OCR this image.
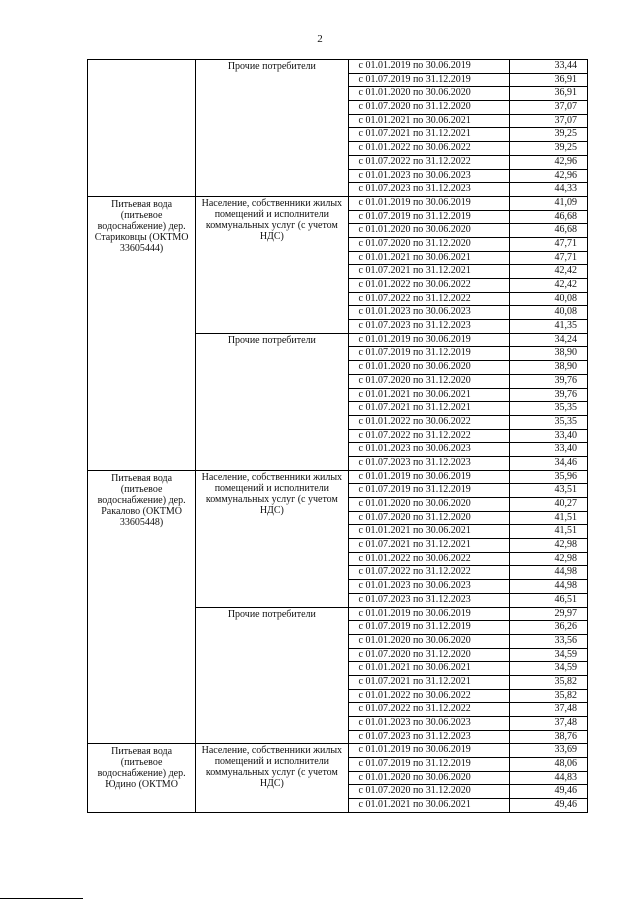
2
	Прочие потребители	с 01.01.2019 по 30.06.2019	33,44
		с 01.07.2019 по 31.12.2019	36,91
		с 01.01.2020 по 30.06.2020	36,91
		с 01.07.2020 по 31.12.2020	37,07
		с 01.01.2021 по 30.06.2021	37,07
		с 01.07.2021 по 31.12.2021	39,25
		с 01.01.2022 по 30.06.2022	39,25
		с 01.07.2022 по 31.12.2022	42,96
		с 01.01.2023 по 30.06.2023	42,96
		с 01.07.2023 по 31.12.2023	44,33
Питьевая вода (питьевое водоснабжение) дер. Стариковцы (ОКТМО 33605444)	Население, собственники жилых помещений и исполнители коммунальных услуг (с учетом НДС)	с 01.01.2019 по 30.06.2019	41,09
		с 01.07.2019 по 31.12.2019	46,68
		с 01.01.2020 по 30.06.2020	46,68
		с 01.07.2020 по 31.12.2020	47,71
		с 01.01.2021 по 30.06.2021	47,71
		с 01.07.2021 по 31.12.2021	42,42
		с 01.01.2022 по 30.06.2022	42,42
		с 01.07.2022 по 31.12.2022	40,08
		с 01.01.2023 по 30.06.2023	40,08
		с 01.07.2023 по 31.12.2023	41,35
	Прочие потребители	с 01.01.2019 по 30.06.2019	34,24
		с 01.07.2019 по 31.12.2019	38,90
		с 01.01.2020 по 30.06.2020	38,90
		с 01.07.2020 по 31.12.2020	39,76
		с 01.01.2021 по 30.06.2021	39,76
		с 01.07.2021 по 31.12.2021	35,35
		с 01.01.2022 по 30.06.2022	35,35
		с 01.07.2022 по 31.12.2022	33,40
		с 01.01.2023 по 30.06.2023	33,40
		с 01.07.2023 по 31.12.2023	34,46
Питьевая вода (питьевое водоснабжение) дер. Ракалово (ОКТМО 33605448)	Население, собственники жилых помещений и исполнители коммунальных услуг (с учетом НДС)	с 01.01.2019 по 30.06.2019	35,96
		с 01.07.2019 по 31.12.2019	43,51
		с 01.01.2020 по 30.06.2020	40,27
		с 01.07.2020 по 31.12.2020	41,51
		с 01.01.2021 по 30.06.2021	41,51
		с 01.07.2021 по 31.12.2021	42,98
		с 01.01.2022 по 30.06.2022	42,98
		с 01.07.2022 по 31.12.2022	44,98
		с 01.01.2023 по 30.06.2023	44,98
		с 01.07.2023 по 31.12.2023	46,51
	Прочие потребители	с 01.01.2019 по 30.06.2019	29,97
		с 01.07.2019 по 31.12.2019	36,26
		с 01.01.2020 по 30.06.2020	33,56
		с 01.07.2020 по 31.12.2020	34,59
		с 01.01.2021 по 30.06.2021	34,59
		с 01.07.2021 по 31.12.2021	35,82
		с 01.01.2022 по 30.06.2022	35,82
		с 01.07.2022 по 31.12.2022	37,48
		с 01.01.2023 по 30.06.2023	37,48
		с 01.07.2023 по 31.12.2023	38,76
Питьевая вода (питьевое водоснабжение) дер. Юдино (ОКТМО	Население, собственники жилых помещений и исполнители коммунальных услуг (с учетом НДС)	с 01.01.2019 по 30.06.2019	33,69
		с 01.07.2019 по 31.12.2019	48,06
		с 01.01.2020 по 30.06.2020	44,83
		с 01.07.2020 по 31.12.2020	49,46
		с 01.01.2021 по 30.06.2021	49,46
